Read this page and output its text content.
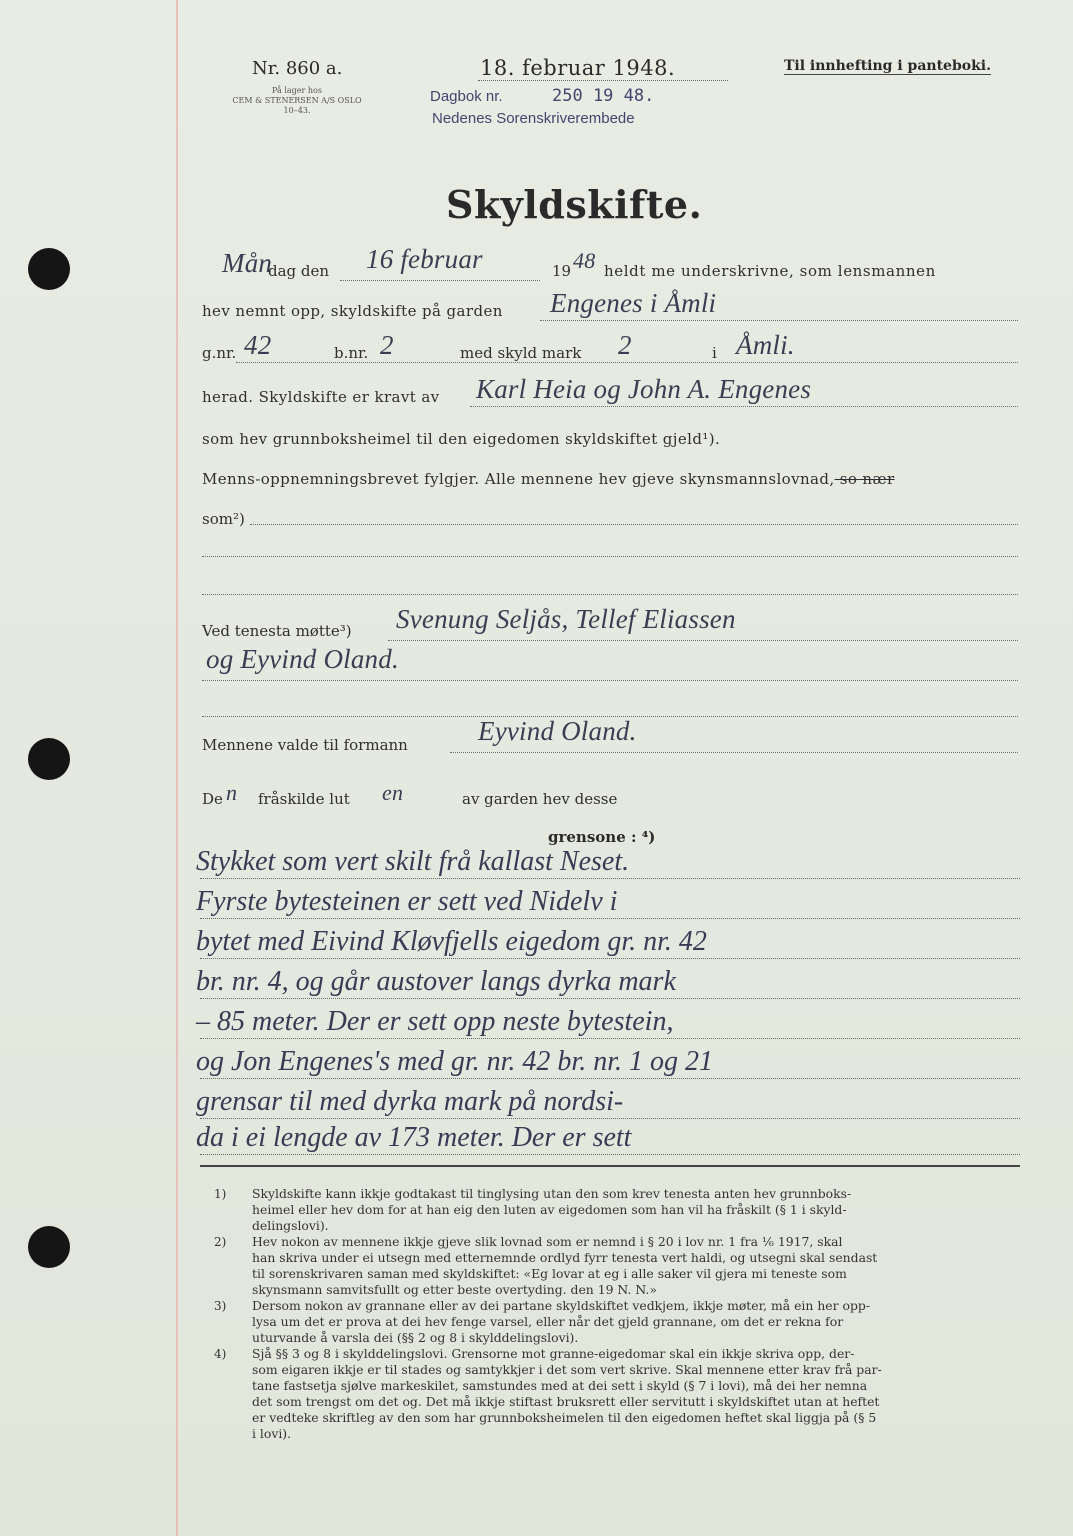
Nr. 860 a.
På lager hos
CEM & STENERSEN A/S OSLO
10–43.
18. februar 1948.	Til innhefting i panteboki.
Dagbok nr.	250 19 48.
Nedenes Sorenskriverembede
Skyldskifte.
Mån
dag den 16 februar	19 48 heldt me underskrivne, som lensmannen
hev nemnt opp, skyldskifte på garden Engenes i Åmli
g.nr. 42	b.nr. 2	med skyld mark 2	i Åmli.
herad. Skyldskifte er kravt av Karl Heia og John A. Engenes
som hev grunnboksheimel til den eigedomen skyldskiftet gjeld¹).
Menns-oppnemningsbrevet fylgjer. Alle mennene hev gjeve skynsmannslovnad, so nær
som²)
Ved tenesta møtte³) Svenung Seljås, Tellef Eliassen
og Eyvind Oland.
Mennene valde til formann	Eyvind Oland.
De n fråskilde lut en	av garden hev desse
grensone : ⁴)
Stykket som vert skilt frå kallast Neset.
Fyrste bytesteinen er sett ved Nidelv i
bytet med Eivind Kløvfjells eigedom gr. nr. 42
br. nr. 4, og går austover langs dyrka mark
– 85 meter. Der er sett opp neste bytestein,
og Jon Engenes's med gr. nr. 42 br. nr. 1 og 21
grensar til med dyrka mark på nordsi-
da i ei lengde av 173 meter. Der er sett
1) Skyldskifte kann ikkje godtakast til tinglysing utan den som krev tenesta anten hev grunnboks-

heimel eller hev dom for at han eig den luten av eigedomen som han vil ha fråskilt (§ 1 i skyld-

delingslovi).

2) Hev nokon av mennene ikkje gjeve slik lovnad som er nemnd i § 20 i lov nr. 1 fra ⅙ 1917, skal

han skriva under ei utsegn med etternemnde ordlyd fyrr tenesta vert haldi, og utsegni skal sendast

til sorenskrivaren saman med skyldskiftet: «Eg lovar at eg i alle saker vil gjera mi teneste som

skynsmann samvitsfullt og etter beste overtyding. den 19 N. N.»

3) Dersom nokon av grannane eller av dei partane skyldskiftet vedkjem, ikkje møter, må ein her opp-

lysa um det er prova at dei hev fenge varsel, eller når det gjeld grannane, om det er rekna for

uturvande å varsla dei (§§ 2 og 8 i skylddelingslovi).

4) Sjå §§ 3 og 8 i skylddelingslovi. Grensorne mot granne-eigedomar skal ein ikkje skriva opp, der-

som eigaren ikkje er til stades og samtykkjer i det som vert skrive. Skal mennene etter krav frå par-

tane fastsetja sjølve markeskilet, samstundes med at dei sett i skyld (§ 7 i lovi), må dei her nemna

det som trengst om det og. Det må ikkje stiftast bruksrett eller servitutt i skyldskiftet utan at heftet

er vedteke skriftleg av den som har grunnboksheimelen til den eigedomen heftet skal liggja på (§ 5

i lovi).
